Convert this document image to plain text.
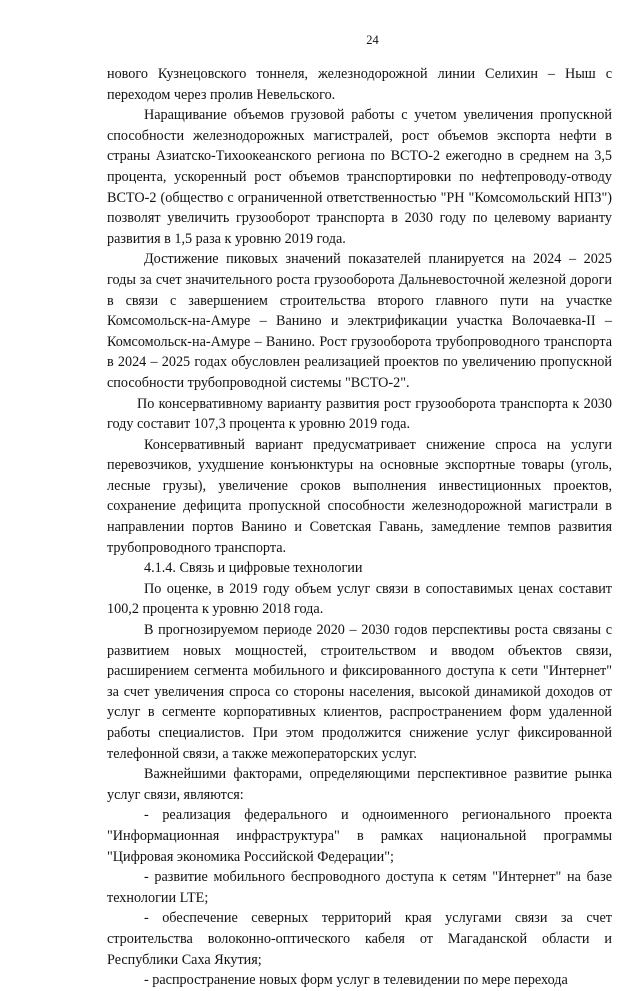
24

нового Кузнецовского тоннеля, железнодорожной линии Селихин – Ныш с переходом через пролив Невельского.

Наращивание объемов грузовой работы с учетом увеличения пропускной способности железнодорожных магистралей, рост объемов экспорта нефти в страны Азиатско-Тихоокеанского региона по ВСТО-2 ежегодно в среднем на 3,5 процента, ускоренный рост объемов транспортировки по нефтепроводу-отводу ВСТО-2 (общество с ограниченной ответственностью "РН "Комсомольский НПЗ") позволят увеличить грузооборот транспорта в 2030 году по целевому варианту развития в 1,5 раза к уровню 2019 года.

Достижение пиковых значений показателей планируется на 2024 – 2025 годы за счет значительного роста грузооборота Дальневосточной железной дороги в связи с завершением строительства второго главного пути на участке Комсомольск-на-Амуре – Ванино и электрификации участка Волочаевка-II – Комсомольск-на-Амуре – Ванино. Рост грузооборота трубопроводного транспорта в 2024 – 2025 годах обусловлен реализацией проектов по увеличению пропускной способности трубопроводной системы "ВСТО-2".

По консервативному варианту развития рост грузооборота транспорта к 2030 году составит 107,3 процента к уровню 2019 года.

Консервативный вариант предусматривает снижение спроса на услуги перевозчиков, ухудшение конъюнктуры на основные экспортные товары (уголь, лесные грузы), увеличение сроков выполнения инвестиционных проектов, сохранение дефицита пропускной способности железнодорожной магистрали в направлении портов Ванино и Советская Гавань, замедление темпов развития трубопроводного транспорта.

4.1.4. Связь и цифровые технологии

По оценке, в 2019 году объем услуг связи в сопоставимых ценах составит 100,2 процента к уровню 2018 года.

В прогнозируемом периоде 2020 – 2030 годов перспективы роста связаны с развитием новых мощностей, строительством и вводом объектов связи, расширением сегмента мобильного и фиксированного доступа к сети "Интернет" за счет увеличения спроса со стороны населения, высокой динамикой доходов от услуг в сегменте корпоративных клиентов, распространением форм удаленной работы специалистов. При этом продолжится снижение услуг фиксированной телефонной связи, а также межоператорских услуг.

Важнейшими факторами, определяющими перспективное развитие рынка услуг связи, являются:

- реализация федерального и одноименного регионального проекта "Информационная инфраструктура" в рамках национальной программы "Цифровая экономика Российской Федерации";

- развитие мобильного беспроводного доступа к сетям "Интернет" на базе технологии LTE;

- обеспечение северных территорий края услугами связи за счет строительства волоконно-оптического кабеля от Магаданской области и Республики Саха Якутия;

- распространение новых форм услуг в телевидении по мере перехода
